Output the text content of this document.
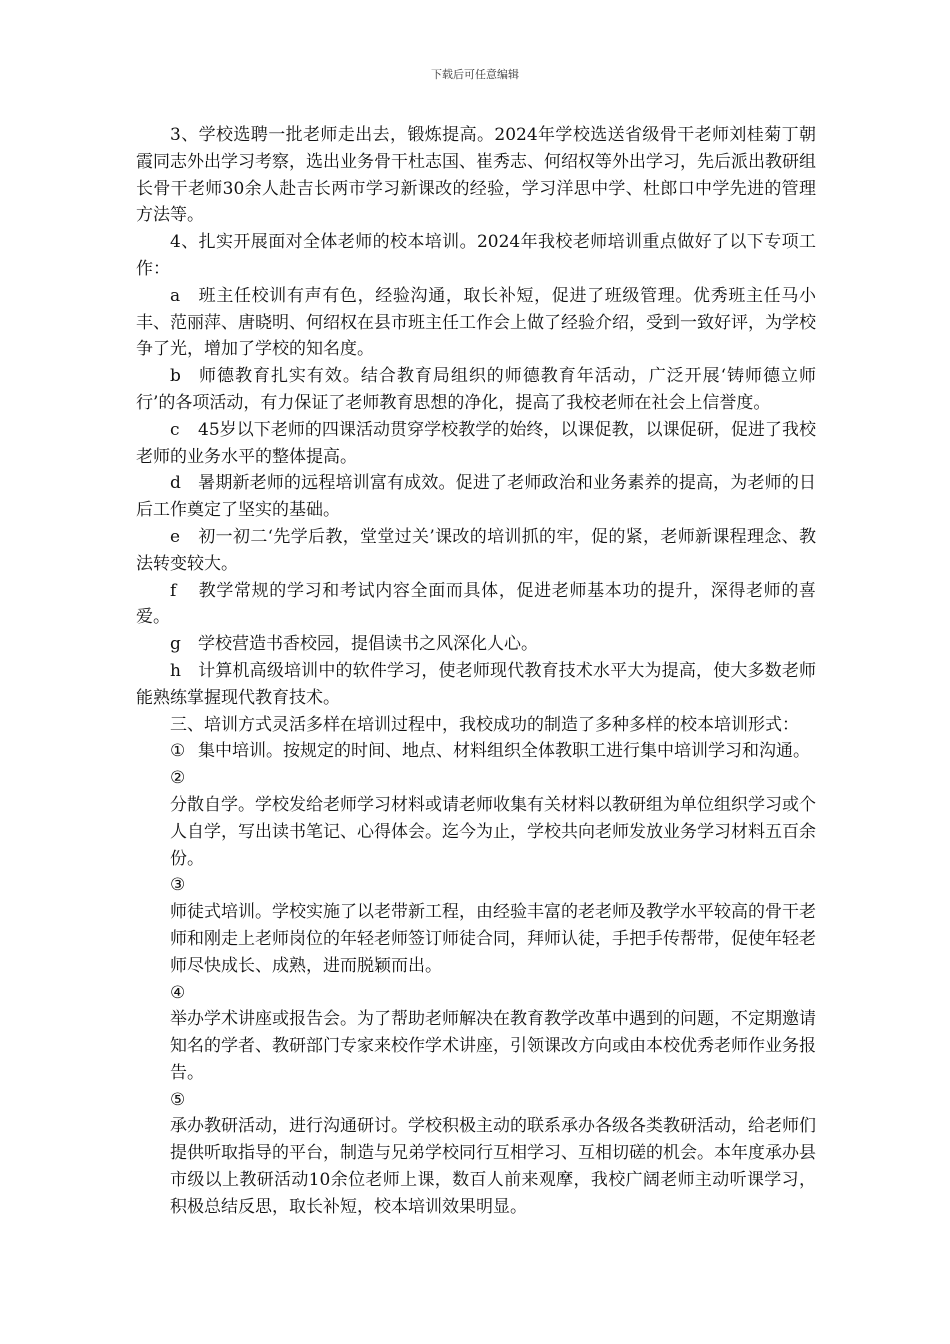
下载后可任意编辑

3、学校选聘一批老师走出去，锻炼提高。2024年学校选送省级骨干老师刘桂菊丁朝霞同志外出学习考察，选出业务骨干杜志国、崔秀志、何绍权等外出学习，先后派出教研组长骨干老师30余人赴吉长两市学习新课改的经验，学习洋思中学、杜郎口中学先进的管理方法等。

4、扎实开展面对全体老师的校本培训。2024年我校老师培训重点做好了以下专项工作：

a 班主任校训有声有色，经验沟通，取长补短，促进了班级管理。优秀班主任马小丰、范丽萍、唐晓明、何绍权在县市班主任工作会上做了经验介绍，受到一致好评，为学校争了光，增加了学校的知名度。

b 师德教育扎实有效。结合教育局组织的师德教育年活动，广泛开展‘铸师德立师行’的各项活动，有力保证了老师教育思想的净化，提高了我校老师在社会上信誉度。

c 45岁以下老师的四课活动贯穿学校教学的始终，以课促教，以课促研，促进了我校老师的业务水平的整体提高。

d 暑期新老师的远程培训富有成效。促进了老师政治和业务素养的提高，为老师的日后工作奠定了坚实的基础。

e 初一初二‘先学后教，堂堂过关’课改的培训抓的牢，促的紧，老师新课程理念、教法转变较大。

f 教学常规的学习和考试内容全面而具体，促进老师基本功的提升，深得老师的喜爱。

g 学校营造书香校园，提倡读书之风深化人心。

h 计算机高级培训中的软件学习，使老师现代教育技术水平大为提高，使大多数老师能熟练掌握现代教育技术。

三、培训方式灵活多样在培训过程中，我校成功的制造了多种多样的校本培训形式：

① 集中培训。按规定的时间、地点、材料组织全体教职工进行集中培训学习和沟通。

②
分散自学。学校发给老师学习材料或请老师收集有关材料以教研组为单位组织学习或个人自学，写出读书笔记、心得体会。迄今为止，学校共向老师发放业务学习材料五百余份。

③
师徒式培训。学校实施了以老带新工程，由经验丰富的老老师及教学水平较高的骨干老师和刚走上老师岗位的年轻老师签订师徒合同，拜师认徒，手把手传帮带，促使年轻老师尽快成长、成熟，进而脱颖而出。

④
举办学术讲座或报告会。为了帮助老师解决在教育教学改革中遇到的问题，不定期邀请知名的学者、教研部门专家来校作学术讲座，引领课改方向或由本校优秀老师作业务报告。

⑤
承办教研活动，进行沟通研讨。学校积极主动的联系承办各级各类教研活动，给老师们提供听取指导的平台，制造与兄弟学校同行互相学习、互相切磋的机会。本年度承办县市级以上教研活动10余位老师上课，数百人前来观摩，我校广阔老师主动听课学习，积极总结反思，取长补短，校本培训效果明显。
